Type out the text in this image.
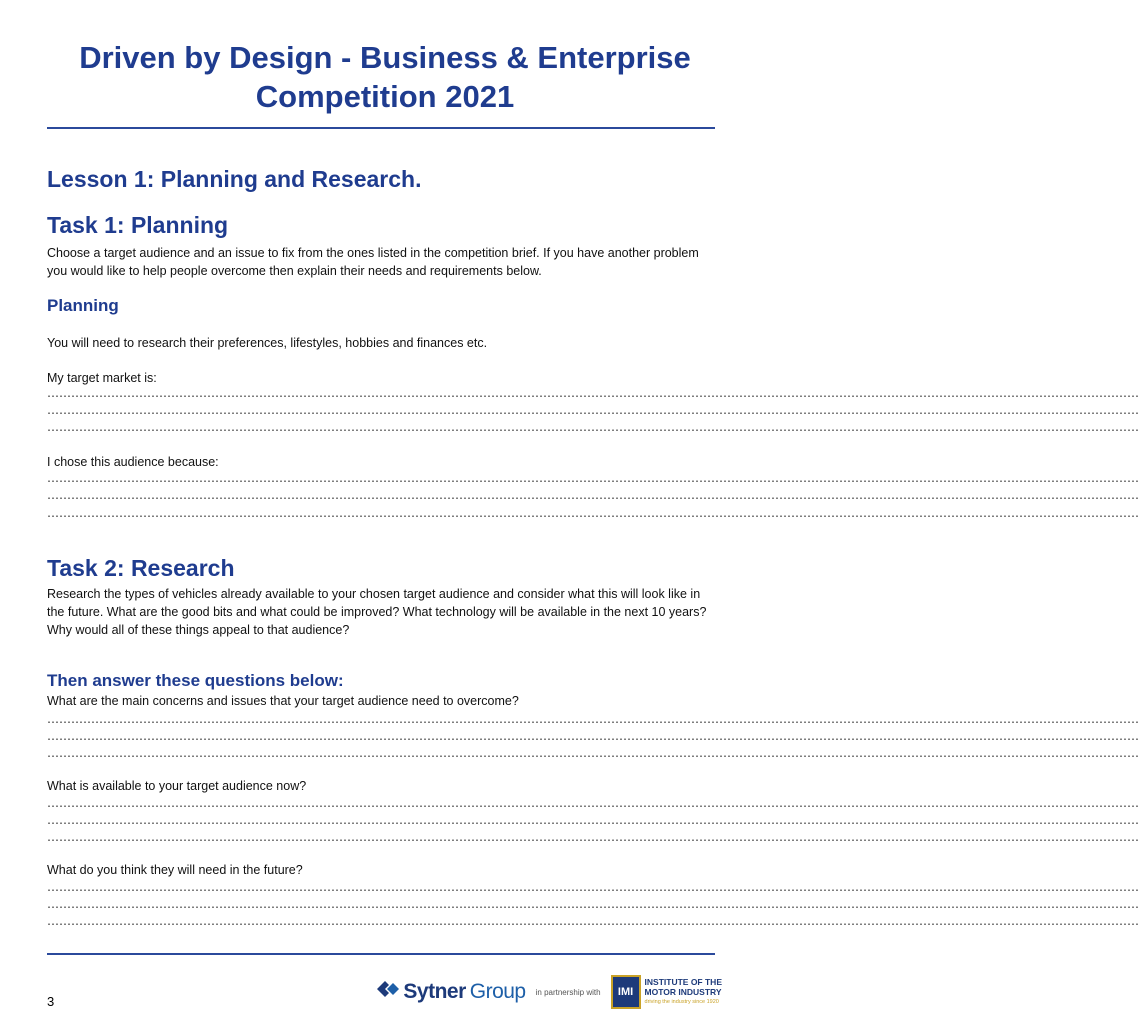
Driven by Design - Business & Enterprise
Competition 2021
Lesson 1: Planning and Research.
Task 1: Planning
Choose a target audience and an issue to fix from the ones listed in the competition brief. If you have another problem you would like to help people overcome then explain their needs and requirements below.
Planning
You will need to research their preferences, lifestyles, hobbies and finances etc.
My target market is:
…………………………………………………………………………………………………………………………………………………………………………………………………………………………………………………
…………………………………………………………………………………………………………………………………………………………………………………………………………………………………………………
…………………………………………………………………………………………………………………………………………………………………………………………………………………………………………………
I chose this audience because:
…………………………………………………………………………………………………………………………………………………………………………………………………………………………………………………
…………………………………………………………………………………………………………………………………………………………………………………………………………………………………………………
…………………………………………………………………………………………………………………………………………………………………………………………………………………………………………………
Task 2: Research
Research the types of vehicles already available to your chosen target audience and consider what this will look like in the future. What are the good bits and what could be improved? What technology will be available in the next 10 years? Why would all of these things appeal to that audience?
Then answer these questions below:
What are the main concerns and issues that your target audience need to overcome?
…………………………………………………………………………………………………………………………………………………………………………………………………………………………………………………
…………………………………………………………………………………………………………………………………………………………………………………………………………………………………………………
…………………………………………………………………………………………………………………………………………………………………………………………………………………………………………………
What is available to your target audience now?
…………………………………………………………………………………………………………………………………………………………………………………………………………………………………………………
…………………………………………………………………………………………………………………………………………………………………………………………………………………………………………………
…………………………………………………………………………………………………………………………………………………………………………………………………………………………………………………
What do you think they will need in the future?
…………………………………………………………………………………………………………………………………………………………………………………………………………………………………………………
…………………………………………………………………………………………………………………………………………………………………………………………………………………………………………………
…………………………………………………………………………………………………………………………………………………………………………………………………………………………………………………
3	Sytner Group in partnership with	IMI
INSTITUTE OF THE
MOTOR INDUSTRY
driving the industry since 1920
